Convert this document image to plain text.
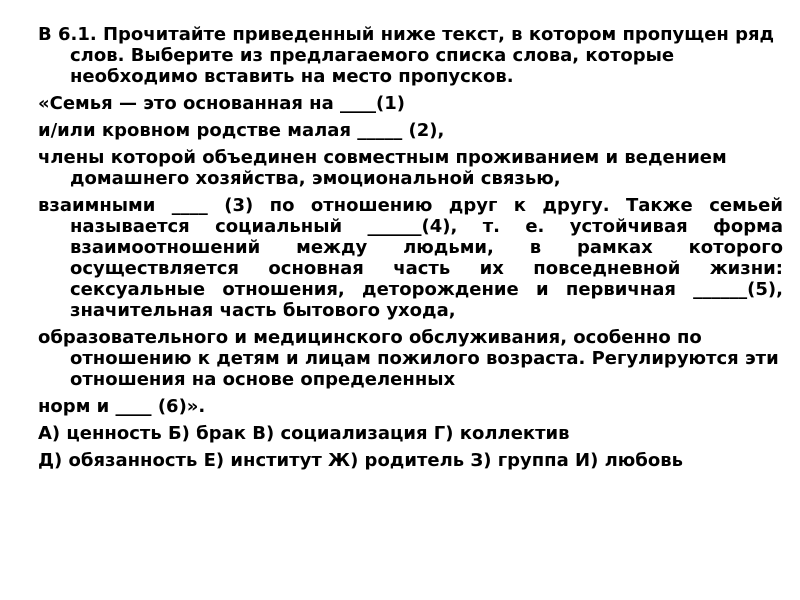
В 6.1. Прочитайте приведенный ниже текст, в котором пропущен ряд слов. Выберите из предлагаемого списка слова, которые необходимо вставить на место пропусков.

«Семья — это основанная на ____(1)

и/или кровном родстве малая _____ (2),

члены которой объединен совместным проживанием и ведением домашнего хозяйства, эмоциональной связью,

взаимными ____ (3) по отношению друг к другу. Также семьей называется социальный ______(4), т. е. устойчивая форма взаимоотношений между людьми, в рамках которого осуществляется основная часть их повседневной жизни: сексуальные отношения, деторождение и первичная ______(5), значительная часть бытового ухода,

образовательного и медицинского обслуживания, особенно по отношению к детям и лицам пожилого возраста. Регулируются эти отношения на основе определенных

норм и ____ (6)».

А) ценность Б) брак В) социализация Г) коллектив

Д) обязанность Е) институт Ж) родитель З) группа И) любовь
